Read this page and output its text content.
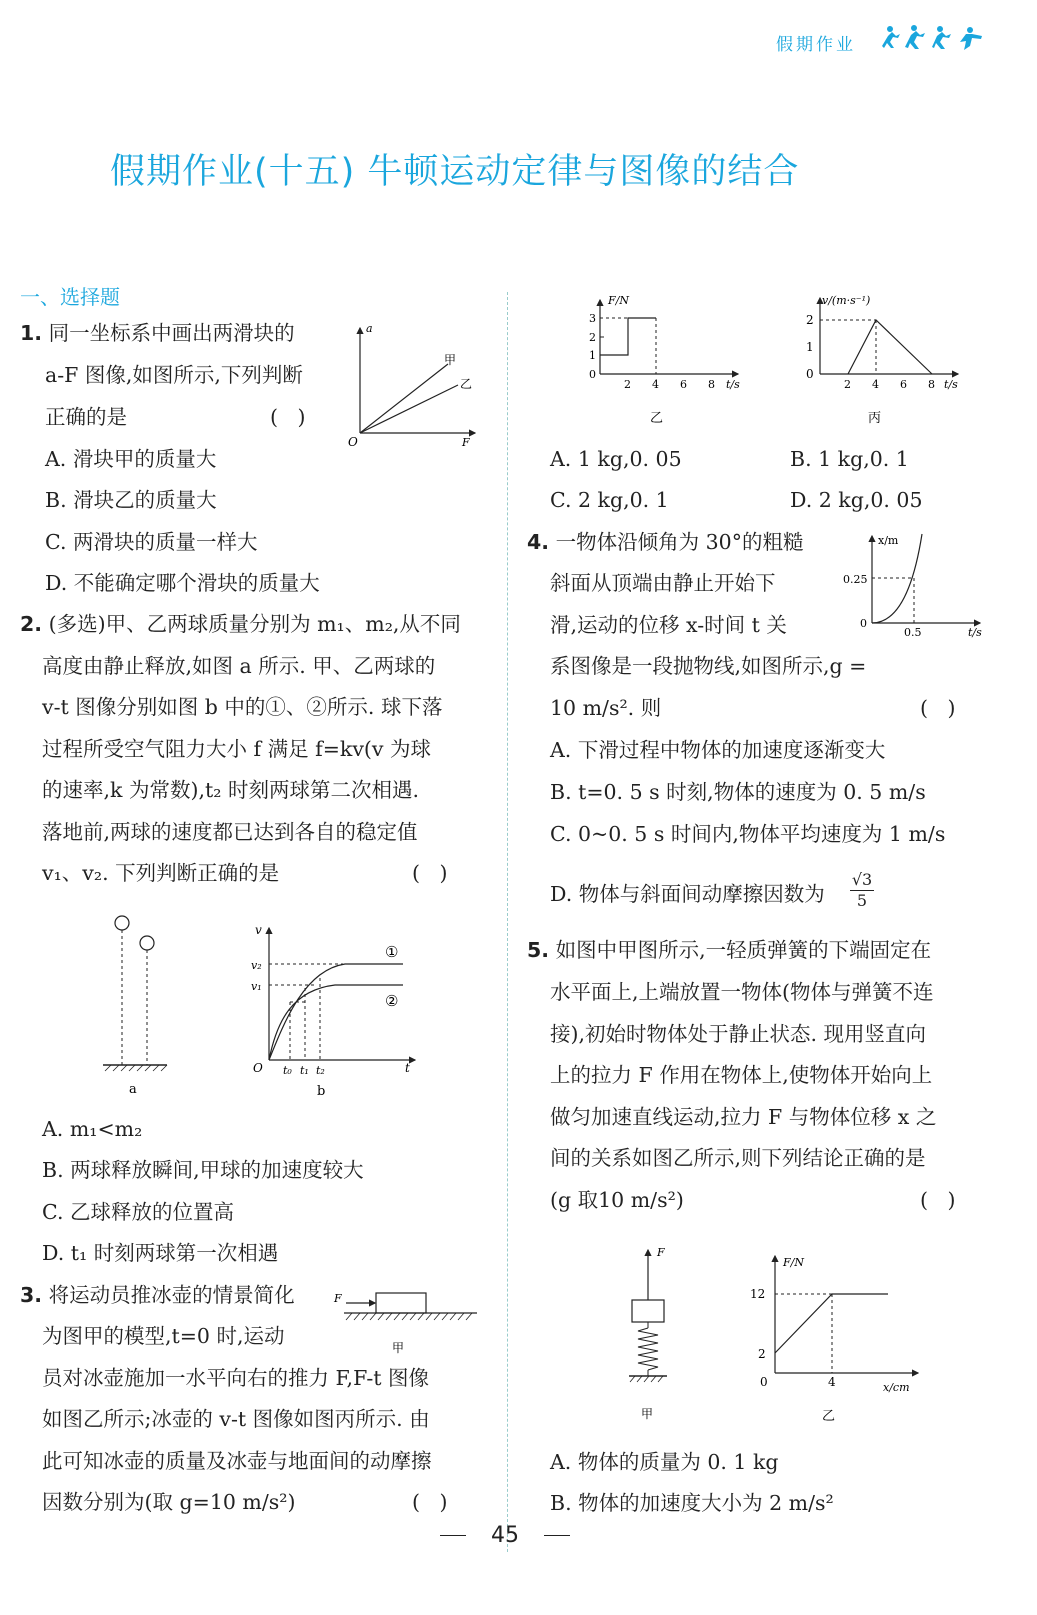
假期作业
假期作业(十五) 牛顿运动定律与图像的结合
一、选择题
1. 同一坐标系中画出两滑块的
a-F 图像,如图所示,下列判断
正确的是	(   )
A. 滑块甲的质量大
B. 滑块乙的质量大
C. 两滑块的质量一样大
D. 不能确定哪个滑块的质量大
a
F
O
甲
乙
2. (多选)甲、乙两球质量分别为 m₁、m₂,从不同
高度由静止释放,如图 a 所示. 甲、乙两球的
v-t 图像分别如图 b 中的①、②所示. 球下落
过程所受空气阻力大小 f 满足 f=kv(v 为球
的速率,k 为常数),t₂ 时刻两球第二次相遇.
落地前,两球的速度都已达到各自的稳定值
v₁、v₂. 下列判断正确的是	(   )
a
v
t
O
v₂
v₁
t₀ t₁ t₂
①
②
b
A. m₁<m₂
B. 两球释放瞬间,甲球的加速度较大
C. 乙球释放的位置高
D. t₁ 时刻两球第一次相遇
3. 将运动员推冰壶的情景简化
为图甲的模型,t=0 时,运动
员对冰壶施加一水平向右的推力 F,F-t 图像
如图乙所示;冰壶的 v-t 图像如图丙所示. 由
此可知冰壶的质量及冰壶与地面间的动摩擦
因数分别为(取 g=10 m/s²)	(   )
F
甲
F/N
t/s
3
2
1
0
2 4 6 8
乙
v/(m·s⁻¹)
t/s
2
1
0
2 4 6 8
丙
A. 1 kg,0. 05	B. 1 kg,0. 1
C. 2 kg,0. 1	D. 2 kg,0. 05
4. 一物体沿倾角为 30°的粗糙
斜面从顶端由静止开始下
滑,运动的位移 x-时间 t 关
系图像是一段抛物线,如图所示,g =
10 m/s². 则	(   )
x/m
t/s
0.25
0.5
0
A. 下滑过程中物体的加速度逐渐变大
B. t=0. 5 s 时刻,物体的速度为 0. 5 m/s
C. 0~0. 5 s 时间内,物体平均速度为 1 m/s
D. 物体与斜面间动摩擦因数为 $\frac{√3}{5}$
5. 如图中甲图所示,一轻质弹簧的下端固定在
水平面上,上端放置一物体(物体与弹簧不连
接),初始时物体处于静止状态. 现用竖直向
上的拉力 F 作用在物体上,使物体开始向上
做匀加速直线运动,拉力 F 与物体位移 x 之
间的关系如图乙所示,则下列结论正确的是
(g 取10 m/s²)	(   )
F
甲
F/N
x/cm
12
2
0	4
乙
A. 物体的质量为 0. 1 kg
B. 物体的加速度大小为 2 m/s²
45
